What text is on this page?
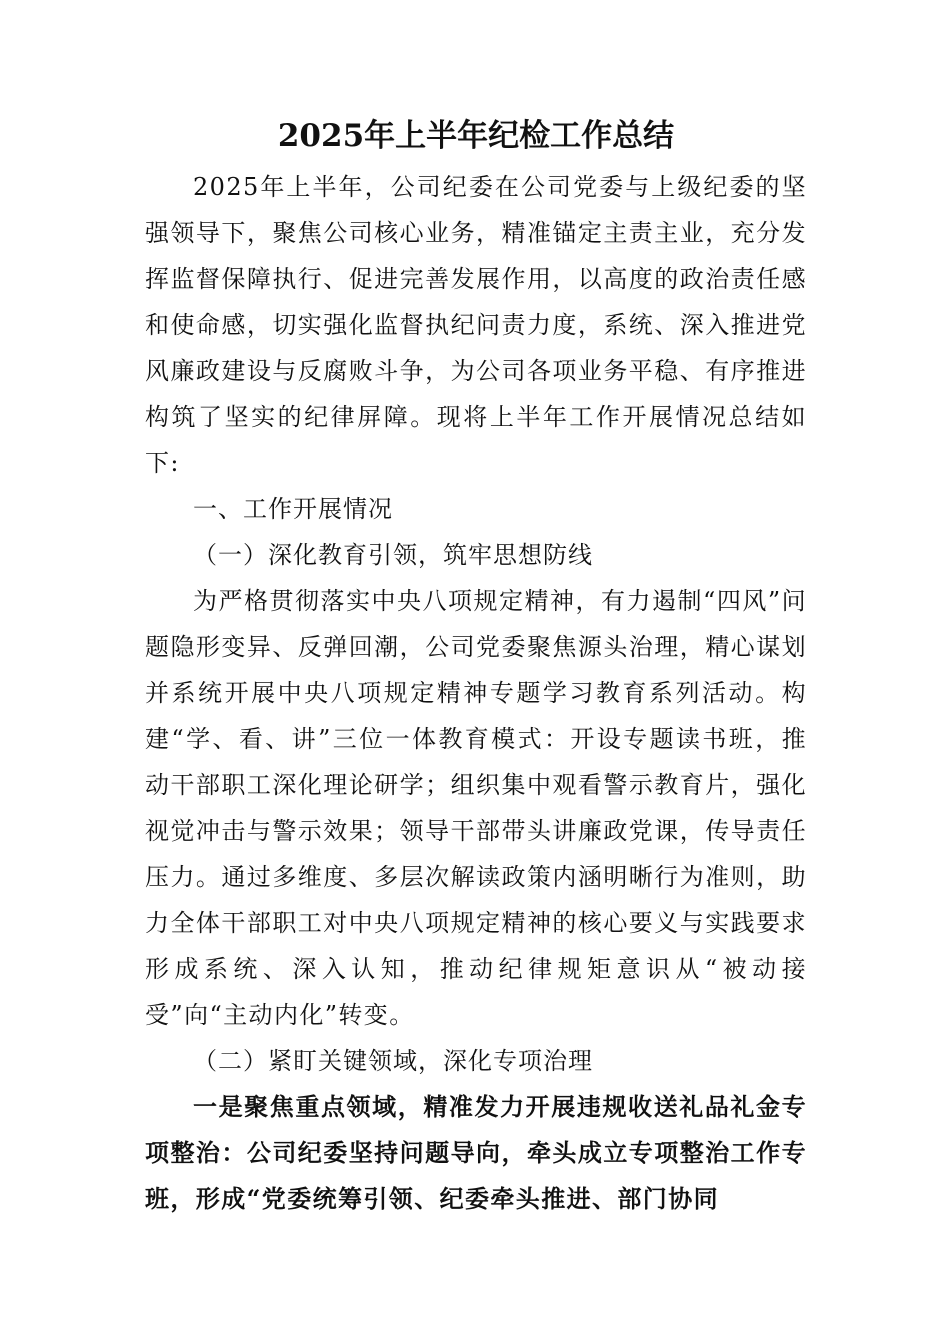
2025年上半年纪检工作总结

2025年上半年，公司纪委在公司党委与上级纪委的坚强领导下，聚焦公司核心业务，精准锚定主责主业，充分发挥监督保障执行、促进完善发展作用，以高度的政治责任感和使命感，切实强化监督执纪问责力度，系统、深入推进党风廉政建设与反腐败斗争，为公司各项业务平稳、有序推进构筑了坚实的纪律屏障。现将上半年工作开展情况总结如下:

一、工作开展情况

（一）深化教育引领，筑牢思想防线

为严格贯彻落实中央八项规定精神，有力遏制“四风”问题隐形变异、反弹回潮，公司党委聚焦源头治理，精心谋划并系统开展中央八项规定精神专题学习教育系列活动。构建“学、看、讲”三位一体教育模式：开设专题读书班，推动干部职工深化理论研学；组织集中观看警示教育片，强化视觉冲击与警示效果；领导干部带头讲廉政党课，传导责任压力。通过多维度、多层次解读政策内涵明晰行为准则，助力全体干部职工对中央八项规定精神的核心要义与实践要求形成系统、深入认知，推动纪律规矩意识从“被动接受”向“主动内化”转变。

（二）紧盯关键领域，深化专项治理

一是聚焦重点领域，精准发力开展违规收送礼品礼金专项整治：公司纪委坚持问题导向，牵头成立专项整治工作专班，形成“党委统筹引领、纪委牵头推进、部门协同
